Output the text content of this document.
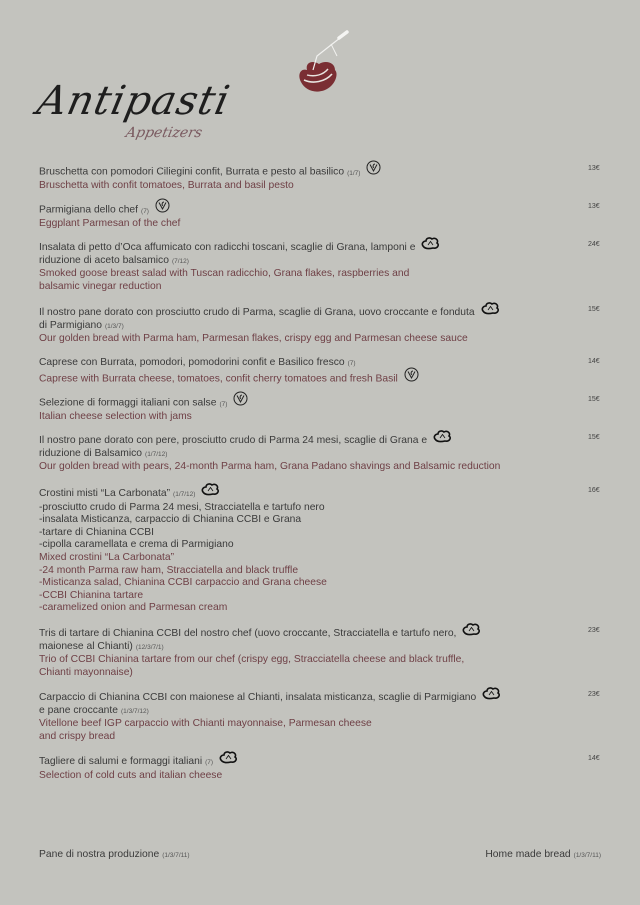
Antipasti
Appetizers
Bruschetta con pomodori Ciliegini confit, Burrata e pesto al basilico (1/7)
Bruschetta with confit tomatoes, Burrata and basil pesto
13€
Parmigiana dello chef (7)
Eggplant Parmesan of the chef
13€
Insalata di petto d’Oca affumicato con radicchi toscani, scaglie di Grana, lamponi e
riduzione di aceto balsamico (7/12)
Smoked goose breast salad with Tuscan radicchio, Grana flakes, raspberries and
balsamic vinegar reduction
24€
Il nostro pane dorato con prosciutto crudo di Parma, scaglie di Grana, uovo croccante e fonduta
di Parmigiano (1/3/7)
Our golden bread with Parma ham, Parmesan flakes, crispy egg and Parmesan cheese sauce
15€
Caprese con Burrata, pomodori, pomodorini confit e Basilico fresco (7)
Caprese with Burrata cheese, tomatoes, confit cherry tomatoes and fresh Basil
14€
Selezione di formaggi italiani con salse (7)
Italian cheese selection with jams
15€
Il nostro pane dorato con pere, prosciutto crudo di Parma 24 mesi, scaglie di Grana e
riduzione di Balsamico (1/7/12)
Our golden bread with pears, 24-month Parma ham, Grana Padano shavings and Balsamic reduction
15€
Crostini misti “La Carbonata” (1/7/12)
-prosciutto crudo di Parma 24 mesi, Stracciatella e tartufo nero
-insalata Misticanza, carpaccio di Chianina CCBI e Grana
-tartare di Chianina CCBI
-cipolla caramellata e crema di Parmigiano
Mixed crostini “La Carbonata”
-24 month Parma raw ham, Stracciatella and black truffle
-Misticanza salad, Chianina CCBI carpaccio and Grana cheese
-CCBI Chianina tartare
-caramelized onion and Parmesan cream
16€
Tris di tartare di Chianina CCBI del nostro chef (uovo croccante, Stracciatella e tartufo nero,
maionese al Chianti) (12/3/7/1)
Trio of CCBI Chianina tartare from our chef (crispy egg, Stracciatella cheese and black truffle,
Chianti mayonnaise)
23€
Carpaccio di Chianina CCBI con maionese al Chianti, insalata misticanza, scaglie di Parmigiano
e pane croccante (1/3/7/12)
Vitellone beef IGP carpaccio with Chianti mayonnaise, Parmesan cheese
and crispy bread
23€
Tagliere di salumi e formaggi italiani (7)
Selection of cold cuts and italian cheese
14€
Pane di nostra produzione (1/3/7/11)	Home made bread (1/3/7/11)
